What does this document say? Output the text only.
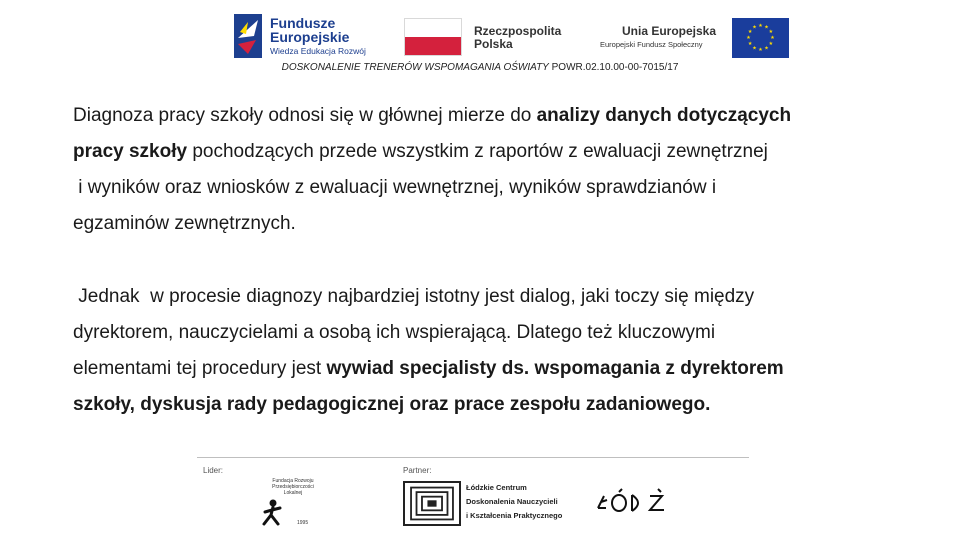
Fundusze
Europejskie
Wiedza Edukacja Rozwój
Rzeczpospolita
Polska
Unia Europejska
Europejski Fundusz Społeczny
★ ★
★
★
★
★
★
★
★
★
★
★
DOSKONALENIE TRENERÓW WSPOMAGANIA OŚWIATY POWR.02.10.00-00-7015/17
Diagnoza pracy szkoły odnosi się w głównej mierze do analizy danych dotyczących
pracy szkoły pochodzących przede wszystkim z raportów z ewaluacji zewnętrznej
i wyników oraz wniosków z ewaluacji wewnętrznej, wyników sprawdzianów i
egzaminów zewnętrznych.
Jednak  w procesie diagnozy najbardziej istotny jest dialog, jaki toczy się między
dyrektorem, nauczycielami a osobą ich wspierającą. Dlatego też kluczowymi
elementami tej procedury jest wywiad specjalisty ds. wspomagania z dyrektorem
szkoły, dyskusja rady pedagogicznej oraz prace zespołu zadaniowego.
Lider:	Partner:
Fundacja Rozwoju Przedsiębiorczości Lokalnej
1995
Łódzkie Centrum
Doskonalenia Nauczycieli
i Kształcenia Praktycznego
